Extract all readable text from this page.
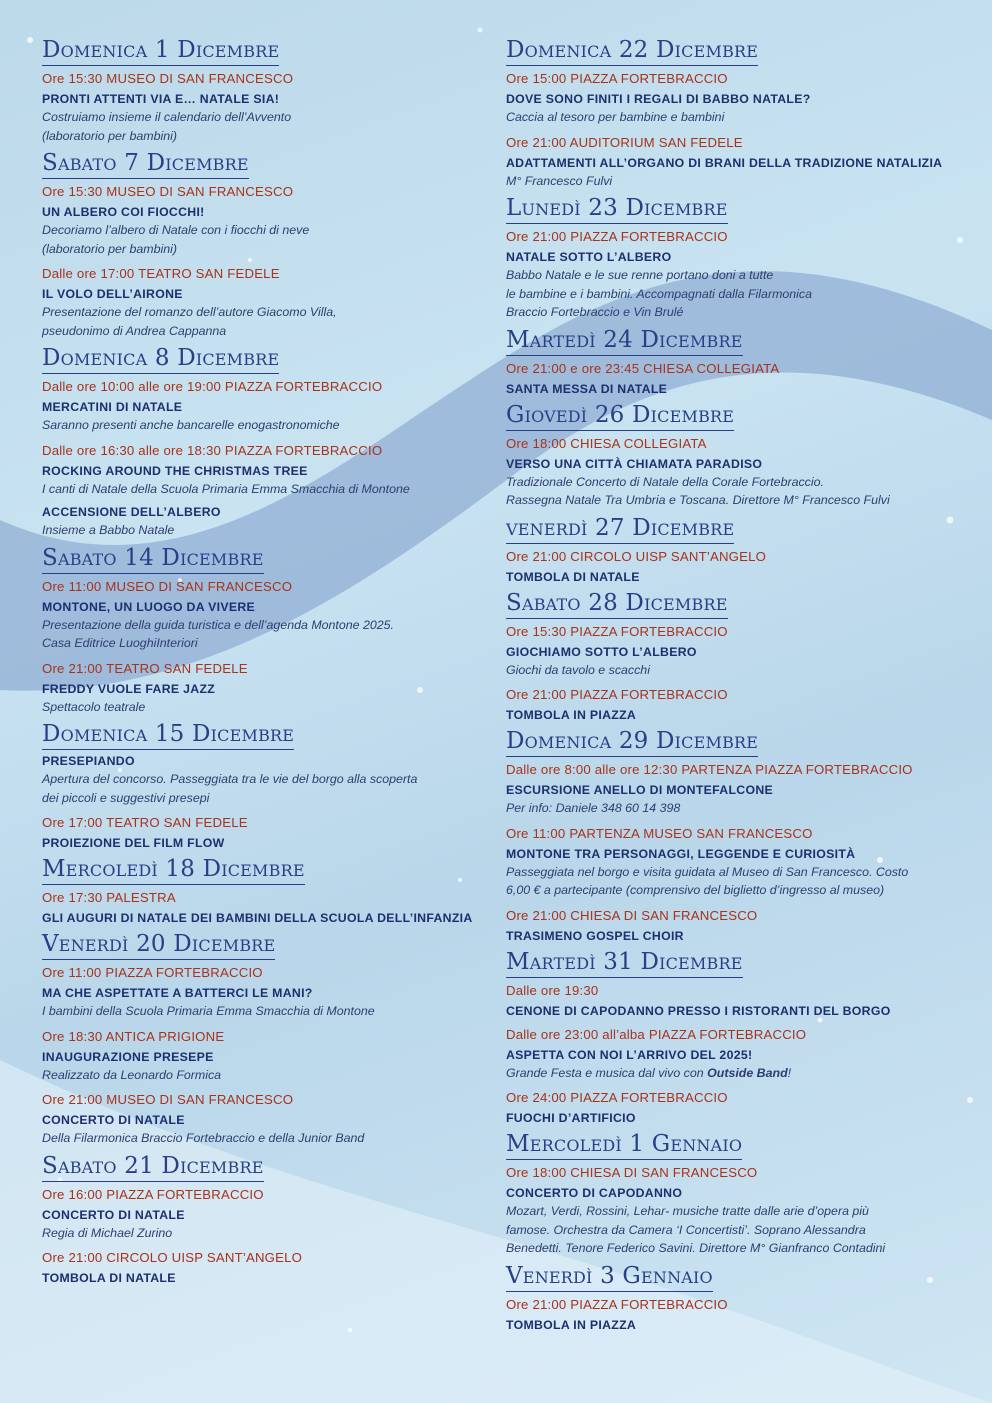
Domenica 1 Dicembre
Ore 15:30 MUSEO DI SAN FRANCESCO
PRONTI ATTENTI VIA E… NATALE SIA!
Costruiamo insieme il calendario dell’Avvento
(laboratorio per bambini)
Sabato 7 Dicembre
Ore 15:30 MUSEO DI SAN FRANCESCO
UN ALBERO COI FIOCCHI!
Decoriamo l’albero di Natale con i fiocchi di neve
(laboratorio per bambini)
Dalle ore 17:00 TEATRO SAN FEDELE
IL VOLO DELL’AIRONE
Presentazione del romanzo dell’autore Giacomo Villa,
pseudonimo di Andrea Cappanna
Domenica 8 Dicembre
Dalle ore 10:00 alle ore 19:00 PIAZZA FORTEBRACCIO
MERCATINI DI NATALE
Saranno presenti anche bancarelle enogastronomiche
Dalle ore 16:30 alle ore 18:30 PIAZZA FORTEBRACCIO
ROCKING AROUND THE CHRISTMAS TREE
I canti di Natale della Scuola Primaria Emma Smacchia di Montone
ACCENSIONE DELL’ALBERO
Insieme a Babbo Natale
Sabato 14 Dicembre
Ore 11:00 MUSEO DI SAN FRANCESCO
MONTONE, UN LUOGO DA VIVERE
Presentazione della guida turistica e dell’agenda Montone 2025.
Casa Editrice LuoghiInteriori
Ore 21:00 TEATRO SAN FEDELE
FREDDY VUOLE FARE JAZZ
Spettacolo teatrale
Domenica 15 Dicembre
PRESEPIANDO
Apertura del concorso. Passeggiata tra le vie del borgo alla scoperta
dei piccoli e suggestivi presepi
Ore 17:00 TEATRO SAN FEDELE
PROIEZIONE DEL FILM FLOW
Mercoledì 18 Dicembre
Ore 17:30 PALESTRA
GLI AUGURI DI NATALE DEI BAMBINI DELLA SCUOLA DELL’INFANZIA
Venerdì 20 Dicembre
Ore 11:00 PIAZZA FORTEBRACCIO
MA CHE ASPETTATE A BATTERCI LE MANI?
I bambini della Scuola Primaria Emma Smacchia di Montone
Ore 18:30 ANTICA PRIGIONE
INAUGURAZIONE PRESEPE
Realizzato da Leonardo Formica
Ore 21:00 MUSEO DI SAN FRANCESCO
CONCERTO DI NATALE
Della Filarmonica Braccio Fortebraccio e della Junior Band
Sabato 21 Dicembre
Ore 16:00 PIAZZA FORTEBRACCIO
CONCERTO DI NATALE
Regia di Michael Zurino
Ore 21:00 CIRCOLO UISP SANT’ANGELO
TOMBOLA DI NATALE
Domenica 22 Dicembre
Ore 15:00 PIAZZA FORTEBRACCIO
DOVE SONO FINITI I REGALI DI BABBO NATALE?
Caccia al tesoro per bambine e bambini
Ore 21:00 AUDITORIUM SAN FEDELE
ADATTAMENTI ALL’ORGANO DI BRANI DELLA TRADIZIONE NATALIZIA
M° Francesco Fulvi
Lunedì 23 Dicembre
Ore 21:00 PIAZZA FORTEBRACCIO
NATALE SOTTO L’ALBERO
Babbo Natale e le sue renne portano doni a tutte
le bambine e i bambini. Accompagnati dalla Filarmonica
Braccio Fortebraccio e Vin Brulé
Martedì 24 Dicembre
Ore 21:00 e ore 23:45 CHIESA COLLEGIATA
SANTA MESSA DI NATALE
Giovedì 26 Dicembre
Ore 18:00 CHIESA COLLEGIATA
VERSO UNA CITTÀ CHIAMATA PARADISO
Tradizionale Concerto di Natale della Corale Fortebraccio.
Rassegna Natale Tra Umbria e Toscana. Direttore M° Francesco Fulvi
venerdì 27 Dicembre
Ore 21:00 CIRCOLO UISP SANT’ANGELO
TOMBOLA DI NATALE
Sabato 28 Dicembre
Ore 15:30 PIAZZA FORTEBRACCIO
GIOCHIAMO SOTTO L’ALBERO
Giochi da tavolo e scacchi
Ore 21:00 PIAZZA FORTEBRACCIO
TOMBOLA IN PIAZZA
Domenica 29 Dicembre
Dalle ore 8:00 alle ore 12:30 PARTENZA PIAZZA FORTEBRACCIO
ESCURSIONE ANELLO DI MONTEFALCONE
Per info: Daniele 348 60 14 398
Ore 11:00 PARTENZA MUSEO SAN FRANCESCO
MONTONE TRA PERSONAGGI, LEGGENDE E CURIOSITÀ
Passeggiata nel borgo e visita guidata al Museo di San Francesco. Costo
6,00 € a partecipante (comprensivo del biglietto d’ingresso al museo)
Ore 21:00 CHIESA DI SAN FRANCESCO
TRASIMENO GOSPEL CHOIR
Martedì 31 Dicembre
Dalle ore 19:30
CENONE DI CAPODANNO PRESSO I RISTORANTI DEL BORGO
Dalle ore 23:00 all’alba PIAZZA FORTEBRACCIO
ASPETTA CON NOI L’ARRIVO DEL 2025!
Grande Festa e musica dal vivo con Outside Band!
Ore 24:00 PIAZZA FORTEBRACCIO
FUOCHI D’ARTIFICIO
Mercoledì 1 Gennaio
Ore 18:00 CHIESA DI SAN FRANCESCO
CONCERTO DI CAPODANNO
Mozart, Verdi, Rossini, Lehar- musiche tratte dalle arie d’opera più
famose. Orchestra da Camera ‘I Concertisti’. Soprano Alessandra
Benedetti. Tenore Federico Savini. Direttore M° Gianfranco Contadini
Venerdì 3 Gennaio
Ore 21:00 PIAZZA FORTEBRACCIO
TOMBOLA IN PIAZZA
